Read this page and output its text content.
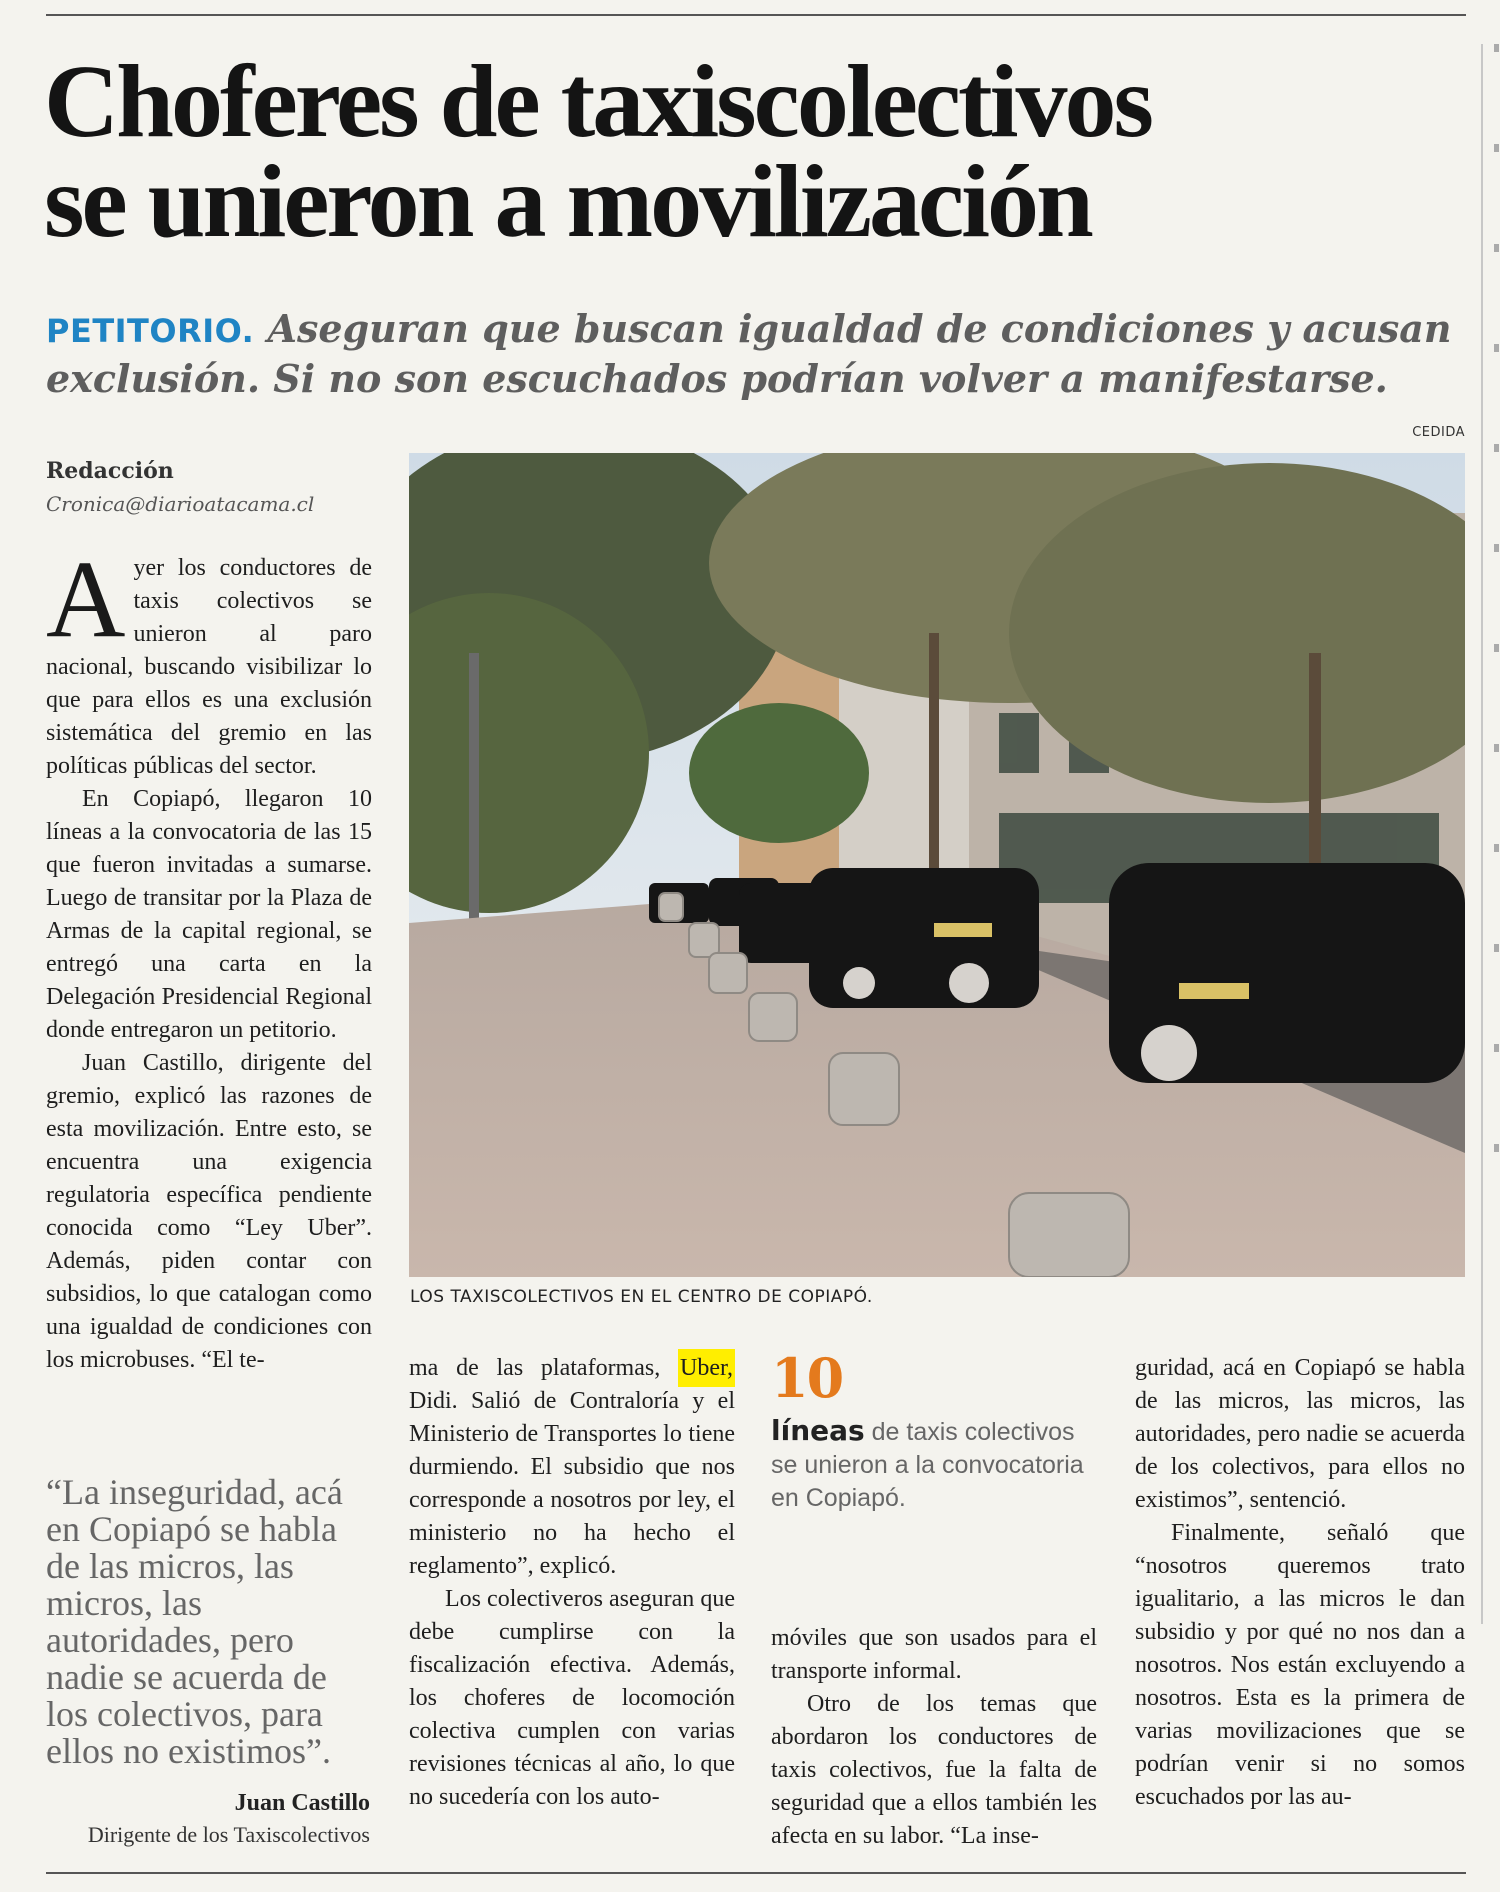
Choferes de taxiscolectivos
se unieron a movilización
PETITORIO. Aseguran que buscan igualdad de condiciones y acusan exclusión. Si no son escuchados podrían volver a manifestarse.
CEDIDA
Redacción
Cronica@diarioatacama.cl

Ayer los conductores de taxis colectivos se unieron al paro nacional, buscando visibilizar lo que para ellos es una exclusión sistemática del gremio en las políticas públicas del sector.

En Copiapó, llegaron 10 líneas a la convocatoria de las 15 que fueron invitadas a sumarse. Luego de transitar por la Plaza de Armas de la capital regional, se entregó una carta en la Delegación Presidencial Regional donde entregaron un petitorio.

Juan Castillo, dirigente del gremio, explicó las razones de esta movilización. Entre esto, se encuentra una exigencia regulatoria específica pendiente conocida como “Ley Uber”. Además, piden contar con subsidios, lo que catalogan como una igualdad de condiciones con los microbuses. “El te-

LOS TAXISCOLECTIVOS EN EL CENTRO DE COPIAPÓ.

ma de las plataformas, Uber, Didi. Salió de Contraloría y el Ministerio de Transportes lo tiene durmiendo. El subsidio que nos corresponde a nosotros por ley, el ministerio no ha hecho el reglamento”, explicó.

Los colectiveros aseguran que debe cumplirse con la fiscalización efectiva. Además, los choferes de locomoción colectiva cumplen con varias revisiones técnicas al año, lo que no sucedería con los auto-

10
líneas de taxis colectivos se unieron a la convocatoria en Copiapó.

móviles que son usados para el transporte informal.

Otro de los temas que abordaron los conductores de taxis colectivos, fue la falta de seguridad que a ellos también les afecta en su labor. “La inse-

guridad, acá en Copiapó se habla de las micros, las micros, las autoridades, pero nadie se acuerda de los colectivos, para ellos no existimos”, sentenció.

Finalmente, señaló que “nosotros queremos trato igualitario, a las micros le dan subsidio y por qué no nos dan a nosotros. Nos están excluyendo a nosotros. Esta es la primera de varias movilizaciones que se podrían venir si no somos escuchados por las au-

“La inseguridad, acá en Copiapó se habla de las micros, las micros, las autoridades, pero nadie se acuerda de los colectivos, para ellos no existimos”.
Juan Castillo
Dirigente de los Taxiscolectivos
